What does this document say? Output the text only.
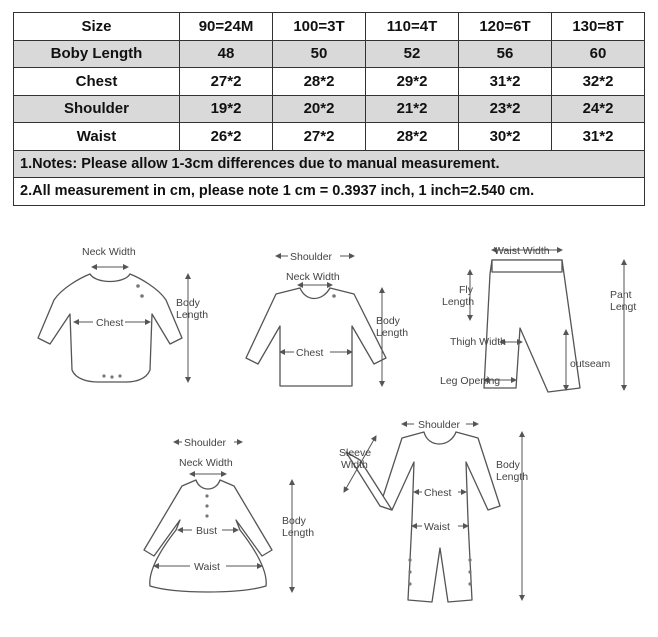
Size	90=24M	100=3T	110=4T	120=6T	130=8T
Boby Length	48	50	52	56	60
Chest	27*2	28*2	29*2	31*2	32*2
Shoulder	19*2	20*2	21*2	23*2	24*2
Waist	26*2	27*2	28*2	30*2	31*2
1.Notes: Please allow 1-3cm differences due to manual measurement.					
2.All measurement in cm, please note 1 cm = 0.3937 inch, 1 inch=2.540 cm.					
Neck Width
Chest
Body
Length
Shoulder
Neck Width
Chest
Body
Length
Waist Width
Fly
Length
Pant
Lengt
Thigh Width
outseam
Leg Opening
Shoulder
Neck Width
Bust
Waist
Body
Length
Shoulder
Sleeve
Width
Chest
Waist
Body
Length
